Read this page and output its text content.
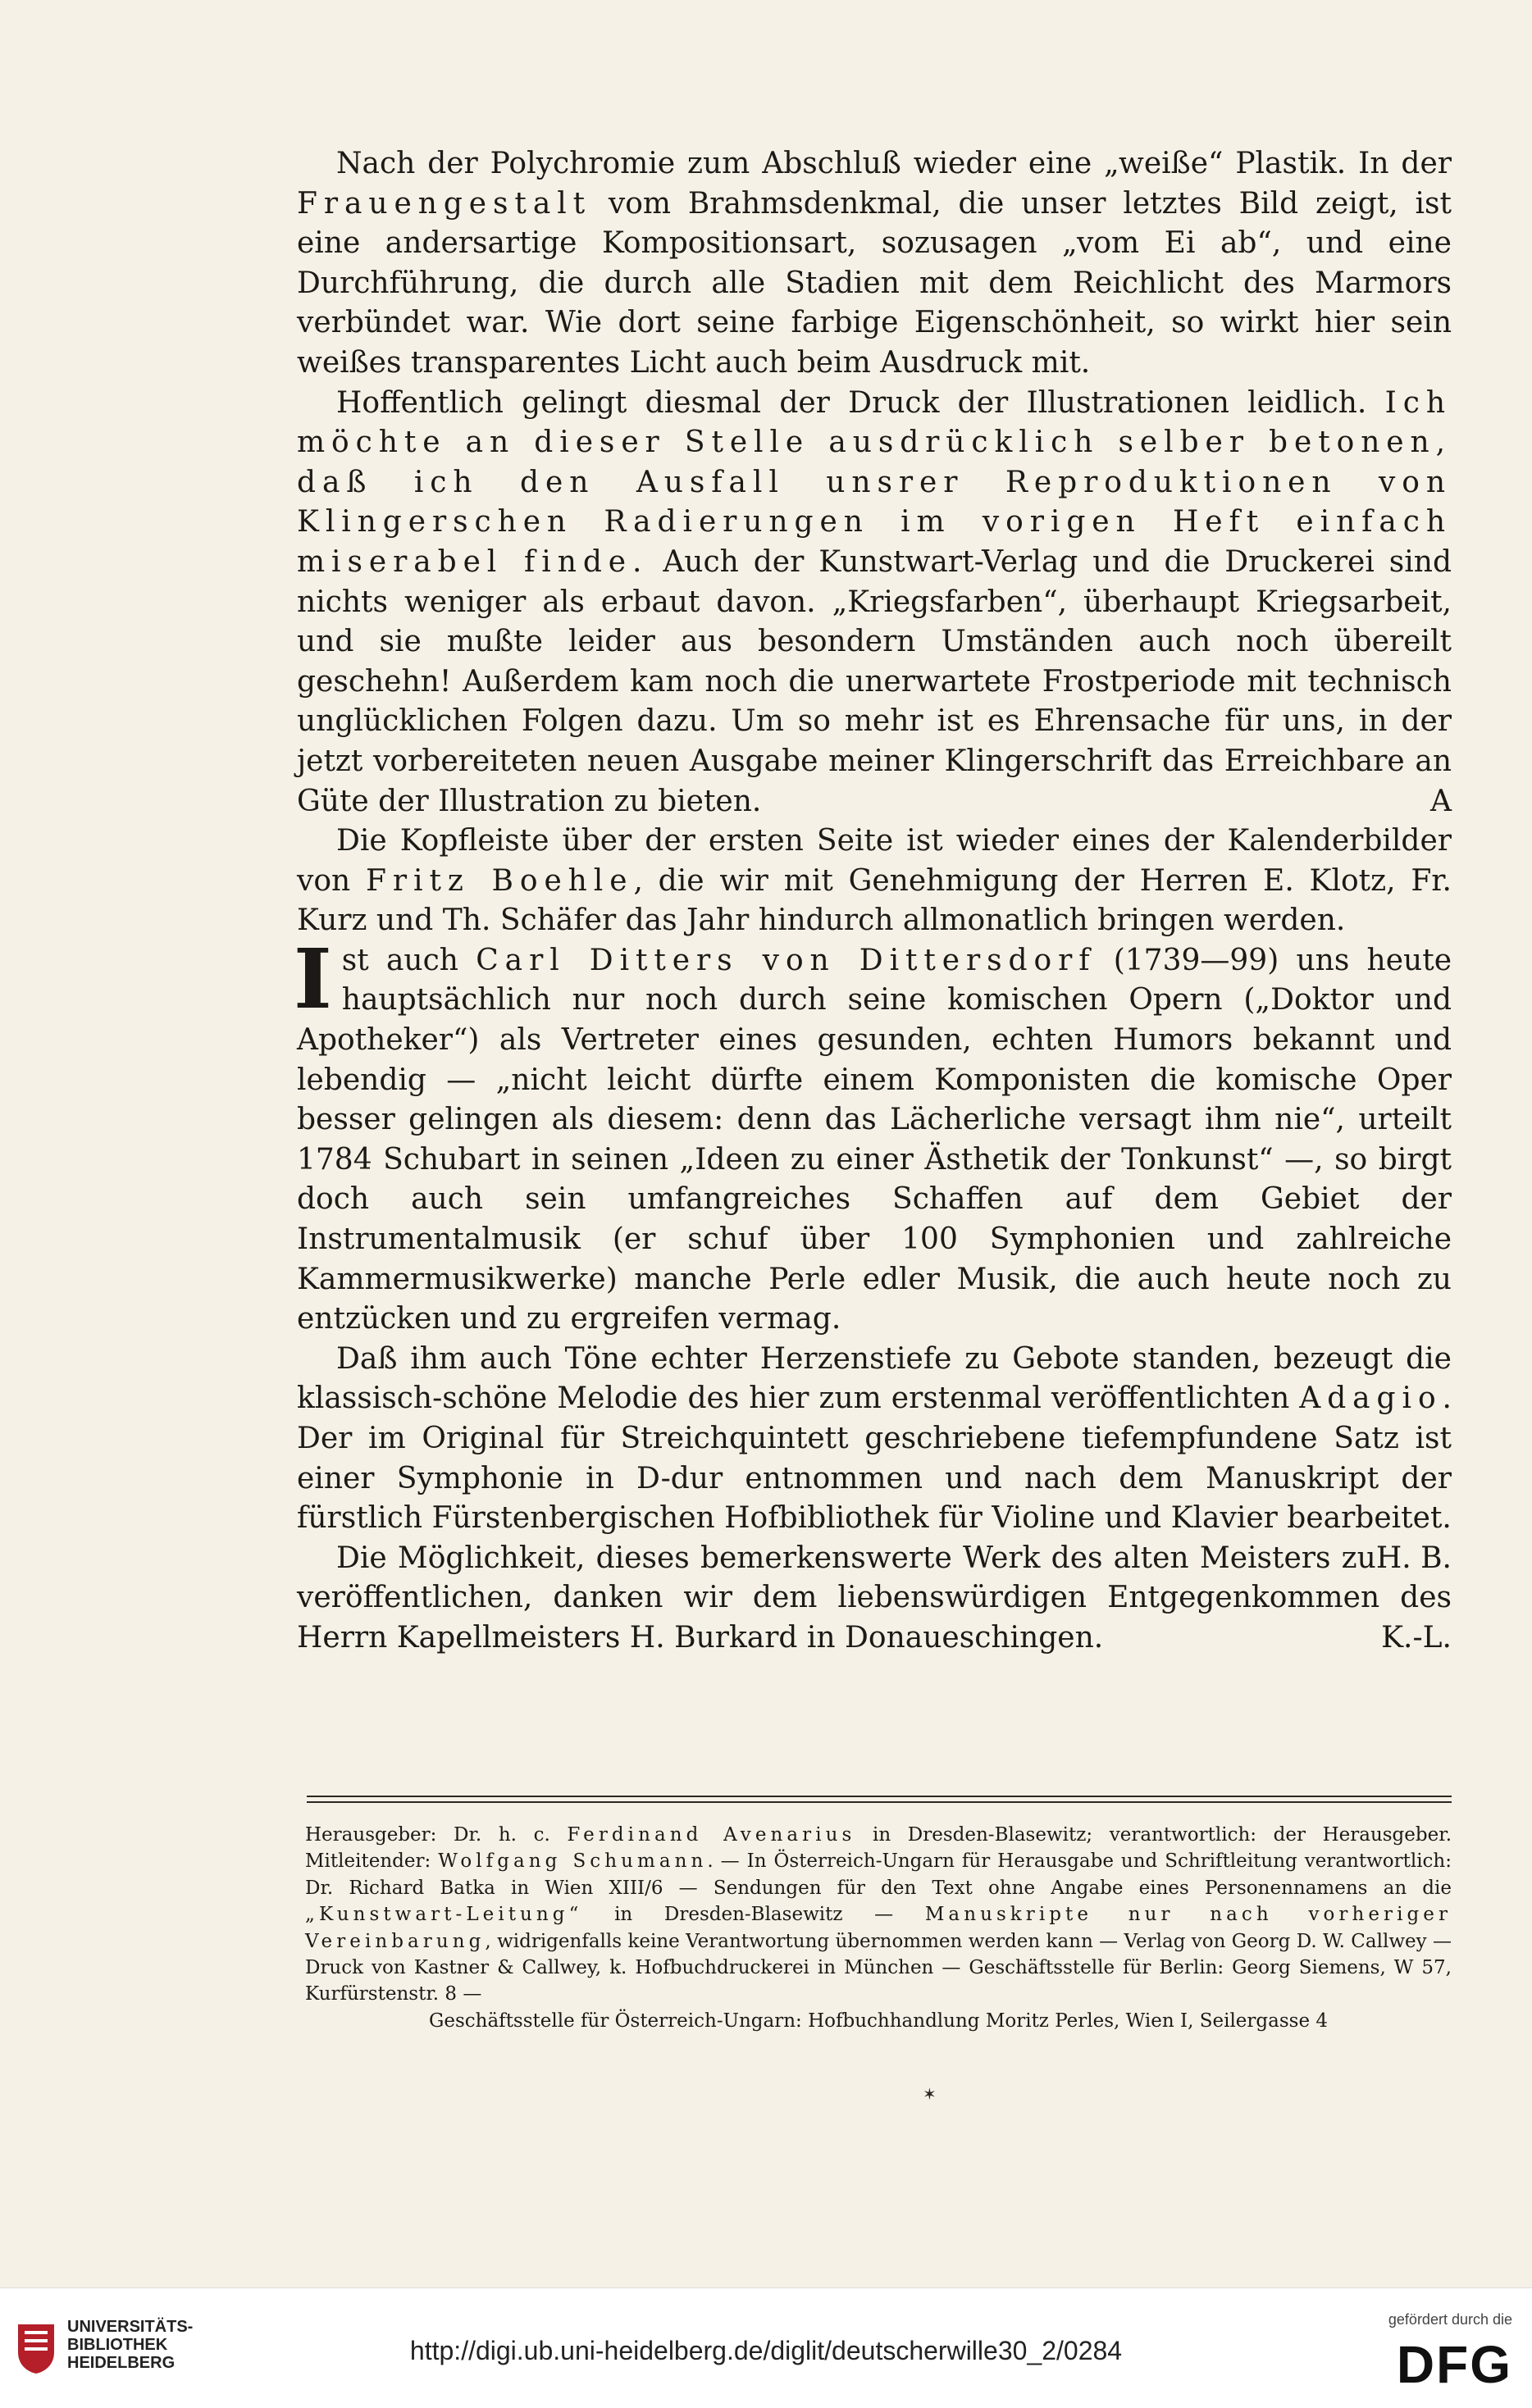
Nach der Polychromie zum Abschluß wieder eine „weiße“ Plastik. In der Frauengestalt vom Brahmsdenkmal, die unser letztes Bild zeigt, ist eine andersartige Kompositionsart, sozusagen „vom Ei ab“, und eine Durchführung, die durch alle Stadien mit dem Reichlicht des Marmors verbündet war. Wie dort seine farbige Eigenschönheit, so wirkt hier sein weißes transparentes Licht auch beim Ausdruck mit.

Hoffentlich gelingt diesmal der Druck der Illustrationen leidlich. Ich möchte an dieser Stelle ausdrücklich selber betonen, daß ich den Ausfall unsrer Reproduktionen von Klingerschen Radierungen im vorigen Heft einfach miserabel finde. Auch der Kunstwart-Verlag und die Druckerei sind nichts weniger als erbaut davon. „Kriegsfarben“, überhaupt Kriegsarbeit, und sie mußte leider aus besondern Umständen auch noch übereilt geschehn! Außerdem kam noch die unerwartete Frostperiode mit technisch unglücklichen Folgen dazu. Um so mehr ist es Ehrensache für uns, in der jetzt vorbereiteten neuen Ausgabe meiner Klingerschrift das Erreichbare an Güte der Illustration zu bieten.	A

Die Kopfleiste über der ersten Seite ist wieder eines der Kalenderbilder von Fritz Boehle, die wir mit Genehmigung der Herren E. Klotz, Fr. Kurz und Th. Schäfer das Jahr hindurch allmonatlich bringen werden.

Ist auch Carl Ditters von Dittersdorf (1739—99) uns heute hauptsächlich nur noch durch seine komischen Opern („Doktor und Apotheker“) als Vertreter eines gesunden, echten Humors bekannt und lebendig — „nicht leicht dürfte einem Komponisten die komische Oper besser gelingen als diesem: denn das Lächerliche versagt ihm nie“, urteilt 1784 Schubart in seinen „Ideen zu einer Ästhetik der Tonkunst“ —, so birgt doch auch sein umfangreiches Schaffen auf dem Gebiet der Instrumentalmusik (er schuf über 100 Symphonien und zahlreiche Kammermusikwerke) manche Perle edler Musik, die auch heute noch zu entzücken und zu ergreifen vermag.

Daß ihm auch Töne echter Herzenstiefe zu Gebote standen, bezeugt die klassisch-schöne Melodie des hier zum erstenmal veröffentlichten Adagio. Der im Original für Streichquintett geschriebene tiefempfundene Satz ist einer Symphonie in D-dur entnommen und nach dem Manuskript der fürstlich Fürstenbergischen Hofbibliothek für Violine und Klavier bearbeitet.
H. B.

Die Möglichkeit, dieses bemerkenswerte Werk des alten Meisters zu veröffentlichen, danken wir dem liebenswürdigen Entgegenkommen des Herrn Kapellmeisters H. Burkard in Donaueschingen.	K.-L.

Herausgeber: Dr. h. c. Ferdinand Avenarius in Dresden-Blasewitz; verantwortlich: der Herausgeber. Mitleitender: Wolfgang Schumann. — In Österreich-Ungarn für Herausgabe und Schriftleitung verantwortlich: Dr. Richard Batka in Wien XIII/6 — Sendungen für den Text ohne Angabe eines Personennamens an die „Kunstwart-Leitung“ in Dresden-Blasewitz — Manuskripte nur nach vorheriger Vereinbarung, widrigenfalls keine Verantwortung übernommen werden kann — Verlag von Georg D. W. Callwey — Druck von Kastner & Callwey, k. Hofbuchdruckerei in München — Geschäftsstelle für Berlin: Georg Siemens, W 57, Kurfürstenstr. 8 —

Geschäftsstelle für Österreich-Ungarn: Hofbuchhandlung Moritz Perles, Wien I, Seilergasse 4

✶
UNIVERSITÄTS-
BIBLIOTHEK
HEIDELBERG	http://digi.ub.uni-heidelberg.de/diglit/deutscherwille30_2/0284
gefördert durch die
DFG
